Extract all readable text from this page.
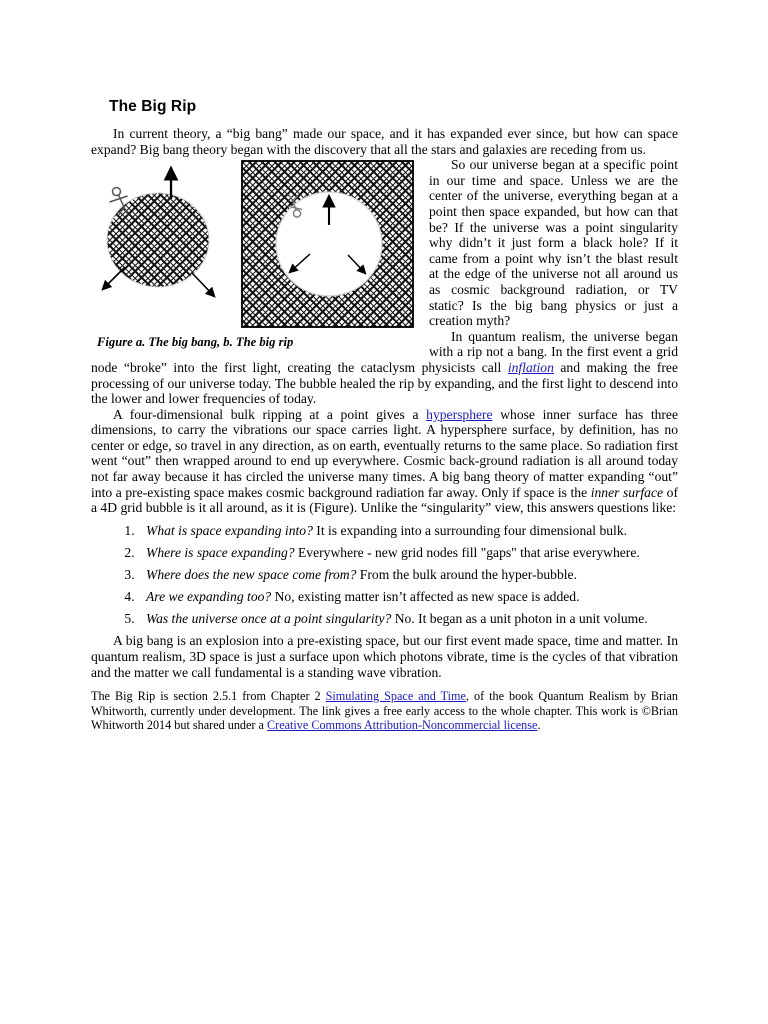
The Big Rip

In current theory, a “big bang” made our space, and it has expanded ever since, but how can space expand? Big bang theory began with the discovery that all the stars and galaxies are receding from us.

Figure a. The big bang, b. The big rip

So our universe began at a specific point in our time and space. Unless we are the center of the universe, everything began at a point then space expanded, but how can that be? If the universe was a point singularity why didn’t it just form a black hole? If it came from a point why isn’t the blast result at the edge of the universe not all around us as cosmic background radiation, or TV static? Is the big bang physics or just a creation myth?

In quantum realism, the universe began with a rip not a bang. In the first event a grid node “broke” into the first light, creating the cataclysm physicists call inflation and making the free processing of our universe today. The bubble healed the rip by expanding, and the first light to descend into the lower and lower frequencies of today.

A four-dimensional bulk ripping at a point gives a hypersphere whose inner surface has three dimensions, to carry the vibrations our space carries light. A hypersphere surface, by definition, has no center or edge, so travel in any direction, as on earth, eventually returns to the same place. So radiation first went “out” then wrapped around to end up everywhere. Cosmic back-ground radiation is all around today not far away because it has circled the universe many times. A big bang theory of matter expanding “out” into a pre-existing space makes cosmic background radiation far away. Only if space is the inner surface of a 4D grid bubble is it all around, as it is (Figure). Unlike the “singularity” view, this answers questions like:

1. What is space expanding into? It is expanding into a surrounding four dimensional bulk.
2. Where is space expanding? Everywhere - new grid nodes fill "gaps" that arise everywhere.
3. Where does the new space come from? From the bulk around the hyper-bubble.
4. Are we expanding too? No, existing matter isn’t affected as new space is added.
5. Was the universe once at a point singularity? No. It began as a unit photon in a unit volume.

A big bang is an explosion into a pre-existing space, but our first event made space, time and matter. In quantum realism, 3D space is just a surface upon which photons vibrate, time is the cycles of that vibration and the matter we call fundamental is a standing wave vibration.

The Big Rip is section 2.5.1 from Chapter 2 Simulating Space and Time, of the book Quantum Realism by Brian Whitworth, currently under development. The link gives a free early access to the whole chapter. This work is ©Brian Whitworth 2014 but shared under a Creative Commons Attribution-Noncommercial license.
